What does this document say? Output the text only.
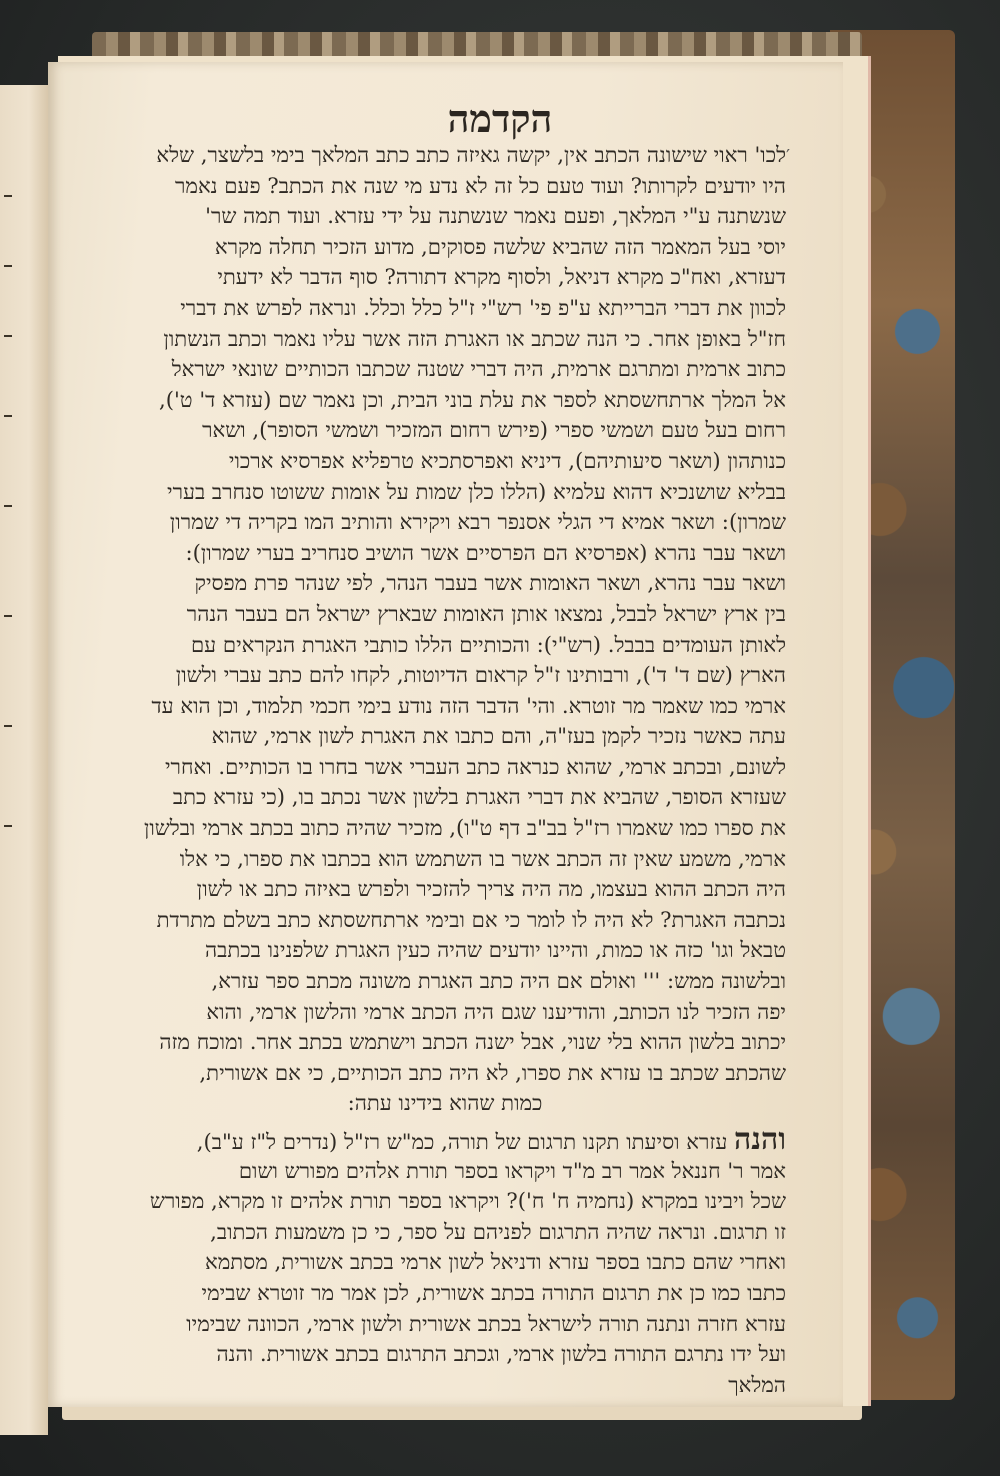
הקדמה
′
לכו' ראוי שישונה הכתב אין, יקשה גאיזה כתב כתב המלאך בימי בלשצר, שלא
היו יודעים לקרותו? ועוד טעם כל זה לא נדע מי שנה את הכתב? פעם נאמר
שנשתנה ע"י המלאך, ופעם נאמר שנשתנה על ידי עזרא. ועוד תמה שר'
יוסי בעל המאמר הזה שהביא שלשה פסוקים, מדוע הזכיר תחלה מקרא
דעזרא, ואח"כ מקרא דניאל, ולסוף מקרא דתורה? סוף הדבר לא ידעתי
לכוון את דברי הברייתא ע"פ פי' רש"י ז"ל כלל וכלל. ונראה לפרש את דברי
חז"ל באופן אחר. כי הנה שכתב או האגרת הזה אשר עליו נאמר וכתב הנשתון
כתוב ארמית ומתרגם ארמית, היה דברי שטנה שכתבו הכותיים שונאי ישראל
אל המלך ארתחשסתא לספר את עלת בוני הבית, וכן נאמר שם (עזרא ד' ט'),
רחום בעל טעם ושמשי ספרי (פירש רחום המזכיר ושמשי הסופר), ושאר
כנותהון (ושאר סיעותיהם), דיניא ואפרסתכיא טרפליא אפרסיא ארכוי
בבליא שושנכיא דהוא עלמיא (הללו כלן שמות על אומות ששוטו סנחרב בערי
שמרון): ושאר אמיא די הגלי אסנפר רבא ויקירא והותיב המו בקריה די שמרון
ושאר עבר נהרא (אפרסיא הם הפרסיים אשר הושיב סנחריב בערי שמרון):
ושאר עבר נהרא, ושאר האומות אשר בעבר הנהר, לפי שנהר פרת מפסיק
בין ארץ ישראל לבבל, נמצאו אותן האומות שבארץ ישראל הם בעבר הנהר
לאותן העומדים בבבל. (רש"י): והכותיים הללו כותבי האגרת הנקראים עם
הארץ (שם ד' ד'), ורבותינו ז"ל קראום הדיוטות, לקחו להם כתב עברי ולשון
ארמי כמו שאמר מר זוטרא. והי' הדבר הזה נודע בימי חכמי תלמוד, וכן הוא עד
עתה כאשר נזכיר לקמן בעז"ה, והם כתבו את האגרת לשון ארמי, שהוא
לשונם, ובכתב ארמי, שהוא כנראה כתב העברי אשר בחרו בו הכותיים. ואחרי
שעזרא הסופר, שהביא את דברי האגרת בלשון אשר נכתב בו, (כי עזרא כתב
את ספרו כמו שאמרו רז"ל בב"ב דף ט"ו), מזכיר שהיה כתוב בכתב ארמי ובלשון
ארמי, משמע שאין זה הכתב אשר בו השתמש הוא בכתבו את ספרו, כי אלו
היה הכתב ההוא בעצמו, מה היה צריך להזכיר ולפרש באיזה כתב או לשון
נכתבה האגרת? לא היה לו לומר כי אם ובימי ארתחשסתא כתב בשלם מתרדת
טבאל וגו' כזה או כמות, והיינו יודעים שהיה כעין האגרת שלפנינו בכתבה
ובלשונה ממש: ''' ואולם אם היה כתב האגרת משונה מכתב ספר עזרא,
יפה הזכיר לנו הכותב, והודיענו שגם היה הכתב ארמי והלשון ארמי, והוא
יכתוב בלשון ההוא בלי שנוי, אבל ישנה הכתב וישתמש בכתב אחר. ומוכח מזה
שהכתב שכתב בו עזרא את ספרו, לא היה כתב הכותיים, כי אם אשורית,
כמות שהוא בידינו עתה:
והנה עזרא וסיעתו תקנו תרגום של תורה, כמ"ש רז"ל (נדרים ל"ז ע"ב),
אמר ר' חננאל אמר רב מ"ד ויקראו בספר תורת אלהים מפורש ושום
שכל ויבינו במקרא (נחמיה ח' ח')? ויקראו בספר תורת אלהים זו מקרא, מפורש
זו תרגום. ונראה שהיה התרגום לפניהם על ספר, כי כן משמעות הכתוב,
ואחרי שהם כתבו בספר עזרא ודניאל לשון ארמי בכתב אשורית, מסתמא
כתבו כמו כן את תרגום התורה בכתב אשורית, לכן אמר מר זוטרא שבימי
עזרא חזרה ונתנה תורה לישראל בכתב אשורית ולשון ארמי, הכוונה שבימיו
ועל ידו נתרגם התורה בלשון ארמי, וגכתב התרגום בכתב אשורית. והנה
המלאך
